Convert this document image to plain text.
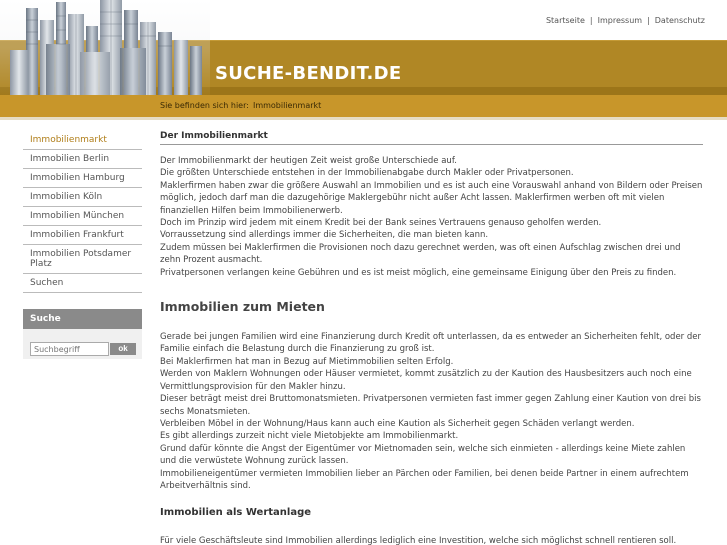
Startseite | Impressum | Datenschutz
SUCHE-BENDIT.DE
Sie befinden sich hier: Immobilienmarkt
Immobilienmarkt
Immobilien Berlin
Immobilien Hamburg
Immobilien Köln
Immobilien München
Immobilien Frankfurt
Immobilien Potsdamer Platz
Suchen
Suche
Suchbegriff
ok
Der Immobilienmarkt
Der Immobilienmarkt der heutigen Zeit weist große Unterschiede auf.
Die größten Unterschiede entstehen in der Immobilienabgabe durch Makler oder Privatpersonen.
Maklerfirmen haben zwar die größere Auswahl an Immobilien und es ist auch eine Vorauswahl anhand von Bildern oder Preisen möglich, jedoch darf man die dazugehörige Maklergebühr nicht außer Acht lassen. Maklerfirmen werben oft mit vielen finanziellen Hilfen beim Immobilienerwerb.
Doch im Prinzip wird jedem mit einem Kredit bei der Bank seines Vertrauens genauso geholfen werden.
Vorraussetzung sind allerdings immer die Sicherheiten, die man bieten kann.
Zudem müssen bei Maklerfirmen die Provisionen noch dazu gerechnet werden, was oft einen Aufschlag zwischen drei und zehn Prozent ausmacht.
Privatpersonen verlangen keine Gebühren und es ist meist möglich, eine gemeinsame Einigung über den Preis zu finden.
Immobilien zum Mieten
Gerade bei jungen Familien wird eine Finanzierung durch Kredit oft unterlassen, da es entweder an Sicherheiten fehlt, oder der Familie einfach die Belastung durch die Finanzierung zu groß ist.
Bei Maklerfirmen hat man in Bezug auf Mietimmobilien selten Erfolg.
Werden von Maklern Wohnungen oder Häuser vermietet, kommt zusätzlich zu der Kaution des Hausbesitzers auch noch eine Vermittlungsprovision für den Makler hinzu.
Dieser beträgt meist drei Bruttomonatsmieten. Privatpersonen vermieten fast immer gegen Zahlung einer Kaution von drei bis sechs Monatsmieten.
Verbleiben Möbel in der Wohnung/Haus kann auch eine Kaution als Sicherheit gegen Schäden verlangt werden.
Es gibt allerdings zurzeit nicht viele Mietobjekte am Immobilienmarkt.
Grund dafür könnte die Angst der Eigentümer vor Mietnomaden sein, welche sich einmieten - allerdings keine Miete zahlen und die verwüstete Wohnung zurück lassen.
Immobilieneigentümer vermieten Immobilien lieber an Pärchen oder Familien, bei denen beide Partner in einem aufrechtem Arbeitverhältnis sind.
Immobilien als Wertanlage
Für viele Geschäftsleute sind Immobilien allerdings lediglich eine Investition, welche sich möglichst schnell rentieren soll.
